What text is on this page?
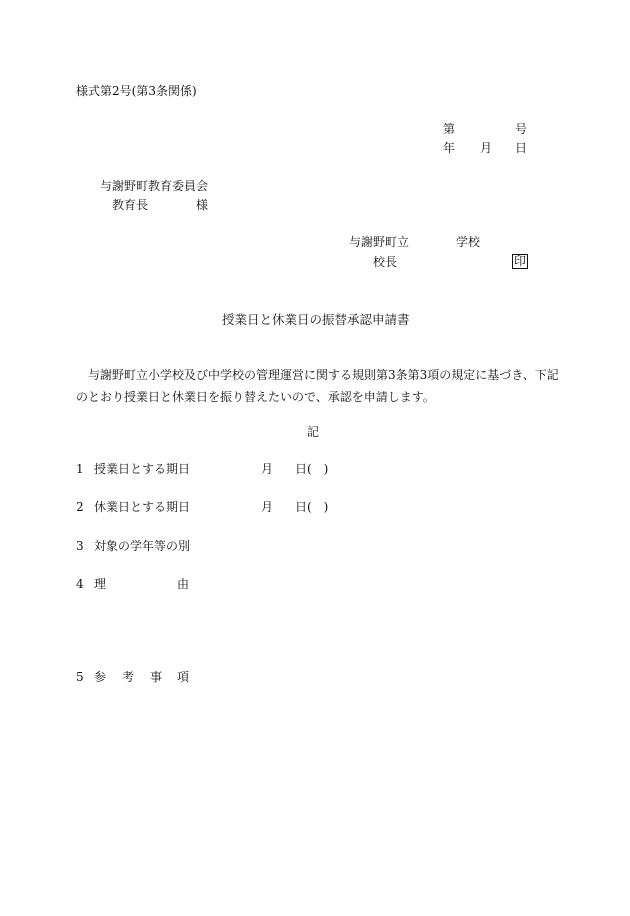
様式第2号(第3条関係)
第	号
年 月 日
与謝野町教育委員会
教育長	様
与謝野町立	学校
校長	印
授業日と休業日の振替承認申請書
与謝野町立小学校及び中学校の管理運営に関する規則第3条第3項の規定に基づき、下記
のとおり授業日と休業日を振り替えたいので、承認を申請します。
記
1 授業日とする期日	月 日(　)
2 休業日とする期日	月 日(　)
3 対象の学年等の別
4 理	由
5 参 考 事 項
